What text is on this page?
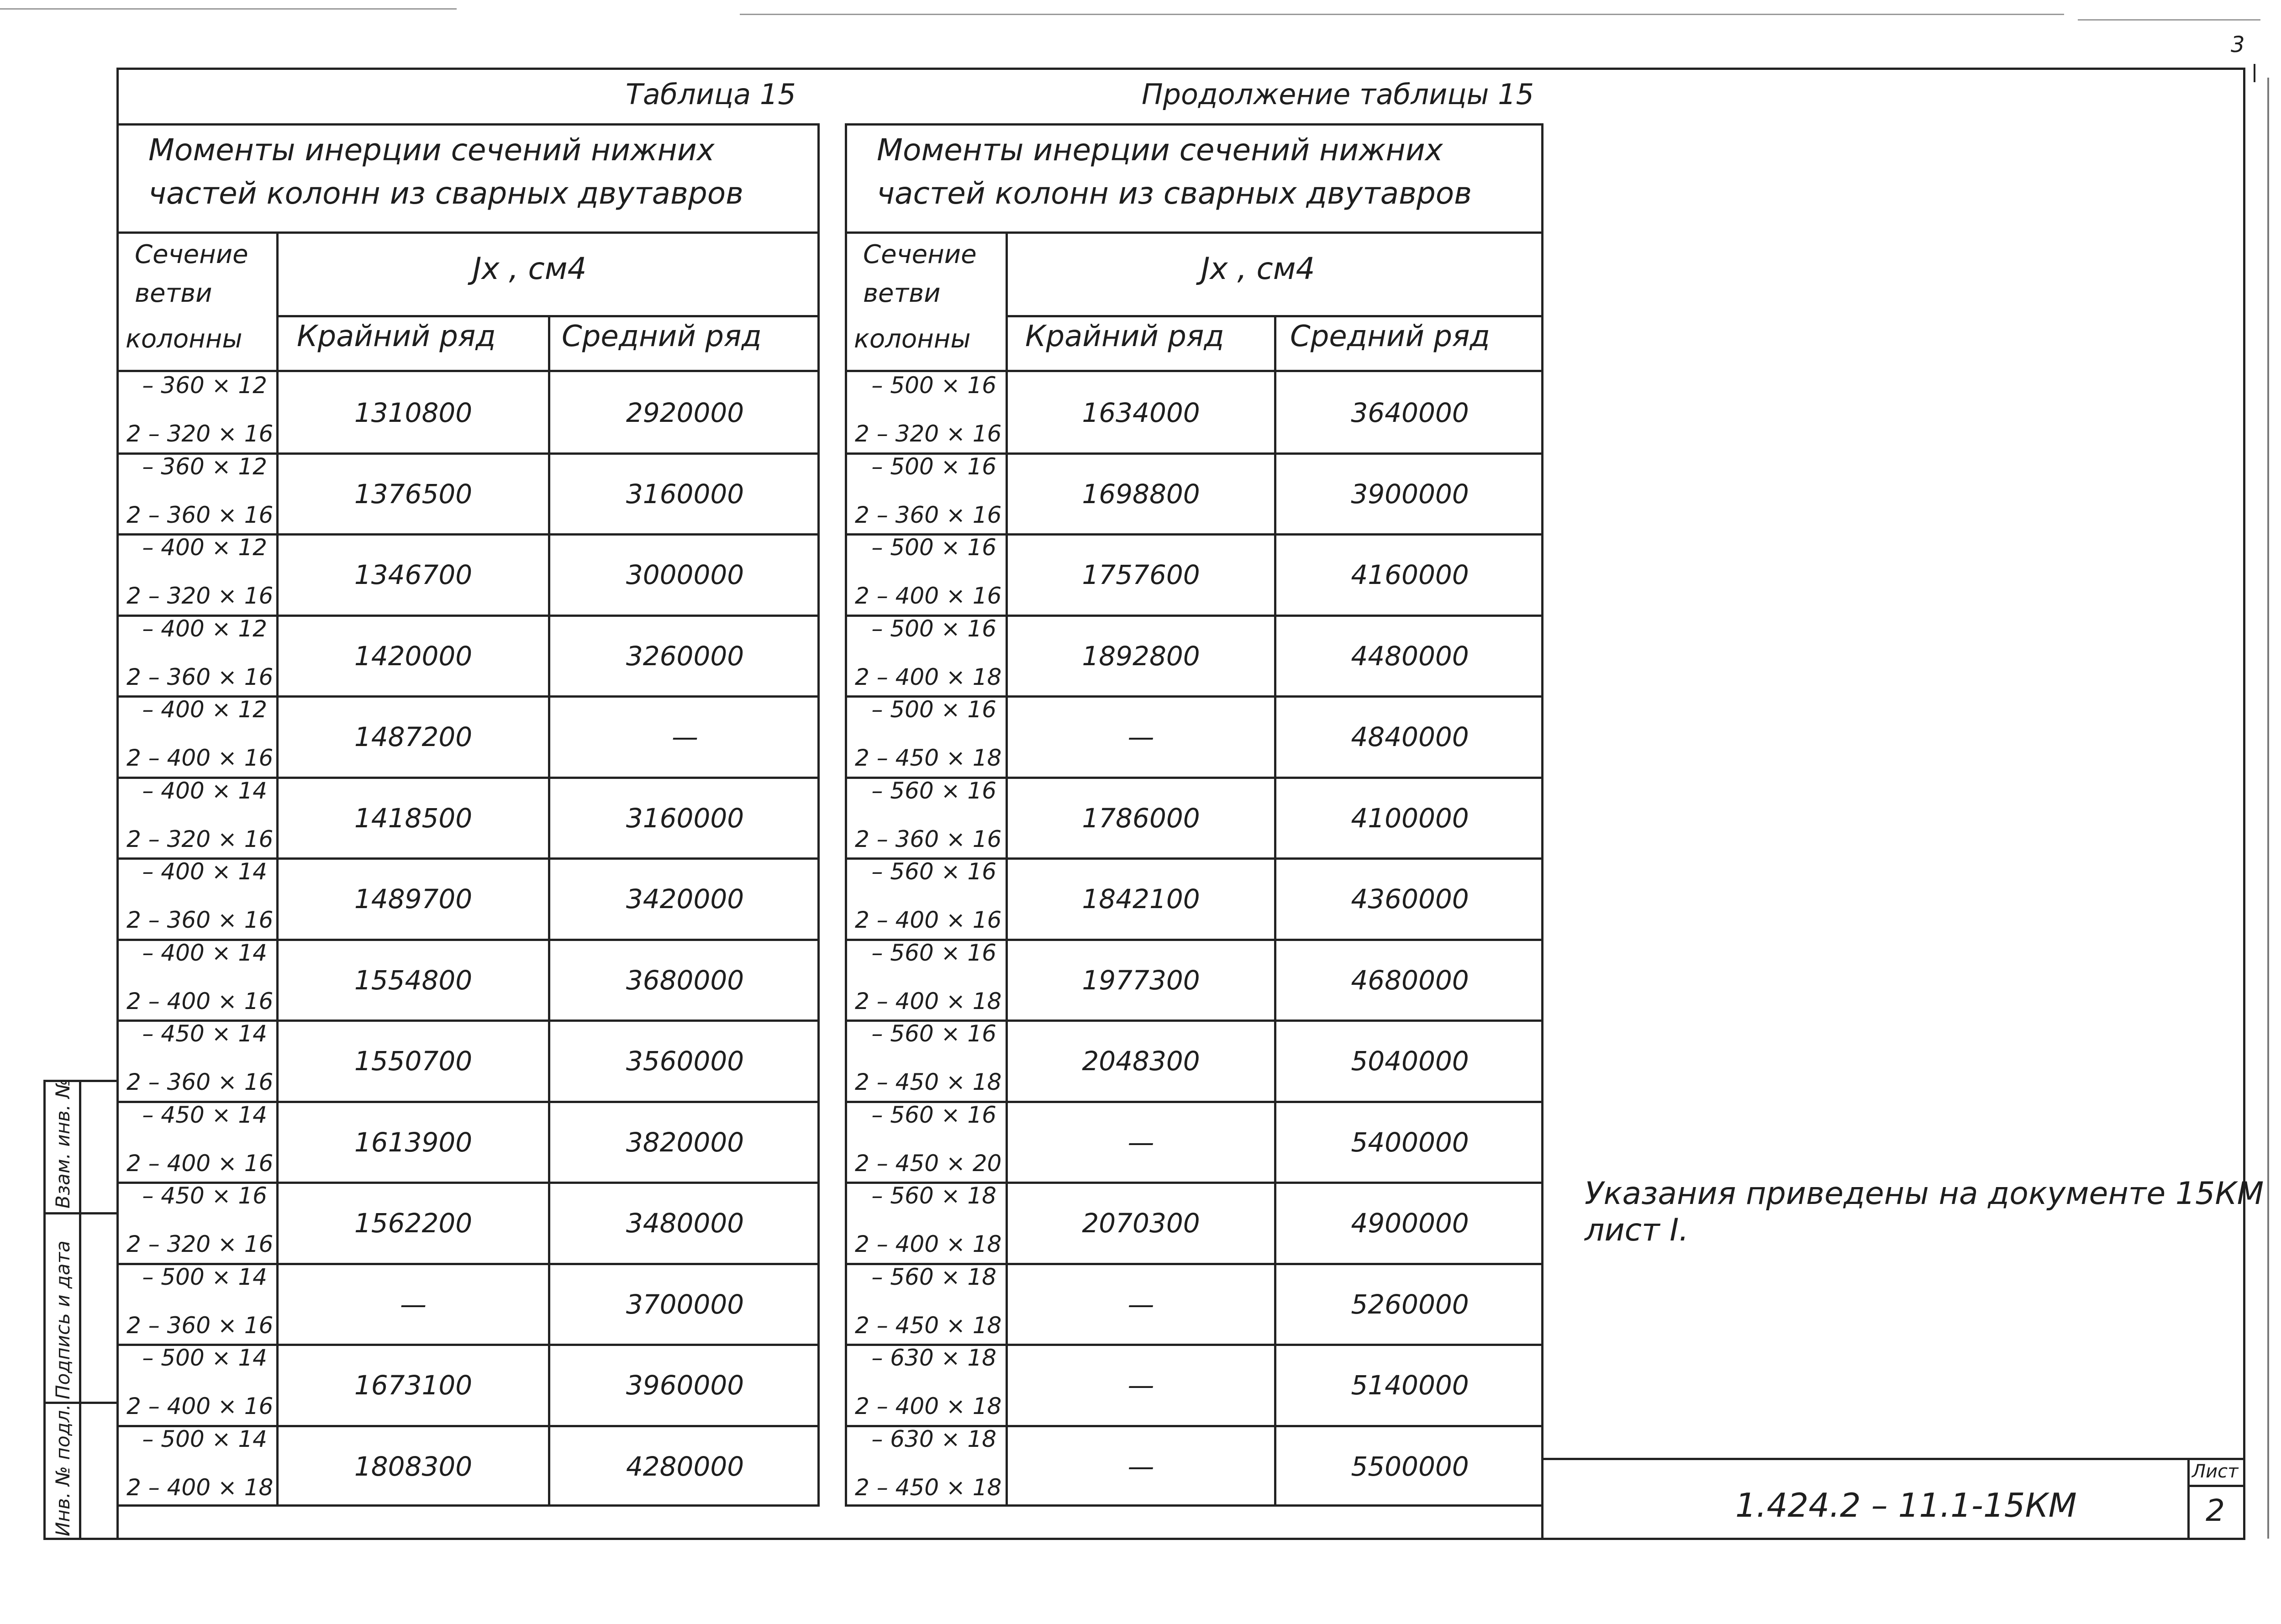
3
Взам. инв. №
Подпись и дата
Инв. № подл.
Таблица 15
Моменты инерции сечений нижних
частей колонн из сварных двутавров
Сечение
ветви
колонны
Jx , см4
Крайний ряд Средний ряд
– 360 × 12
2 – 320 × 16
1310800	2920000
– 360 × 12
2 – 360 × 16
1376500	3160000
– 400 × 12
2 – 320 × 16
1346700	3000000
– 400 × 12
2 – 360 × 16
1420000	3260000
– 400 × 12
2 – 400 × 16
1487200	—
– 400 × 14
2 – 320 × 16
1418500	3160000
– 400 × 14
2 – 360 × 16
1489700	3420000
– 400 × 14
2 – 400 × 16
1554800	3680000
– 450 × 14
2 – 360 × 16
1550700	3560000
– 450 × 14
2 – 400 × 16
1613900	3820000
– 450 × 16
2 – 320 × 16
1562200	3480000
– 500 × 14
2 – 360 × 16
—	3700000
– 500 × 14
2 – 400 × 16
1673100	3960000
– 500 × 14
2 – 400 × 18
1808300	4280000
Продолжение таблицы 15
Моменты инерции сечений нижних
частей колонн из сварных двутавров
Сечение
ветви
колонны
Jx , см4
Крайний ряд Средний ряд
– 500 × 16
2 – 320 × 16
1634000	3640000
– 500 × 16
2 – 360 × 16
1698800	3900000
– 500 × 16
2 – 400 × 16
1757600	4160000
– 500 × 16
2 – 400 × 18
1892800	4480000
– 500 × 16
2 – 450 × 18
—	4840000
– 560 × 16
2 – 360 × 16
1786000	4100000
– 560 × 16
2 – 400 × 16
1842100	4360000
– 560 × 16
2 – 400 × 18
1977300	4680000
– 560 × 16
2 – 450 × 18
2048300	5040000
– 560 × 16
2 – 450 × 20
—	5400000
– 560 × 18
2 – 400 × 18
2070300	4900000
– 560 × 18
2 – 450 × 18
—	5260000
– 630 × 18
2 – 400 × 18
—	5140000
– 630 × 18
2 – 450 × 18
—	5500000
Указания приведены на документе 15КМ
лист I.
1.424.2 – 11.1-15КМ
Лист
2
